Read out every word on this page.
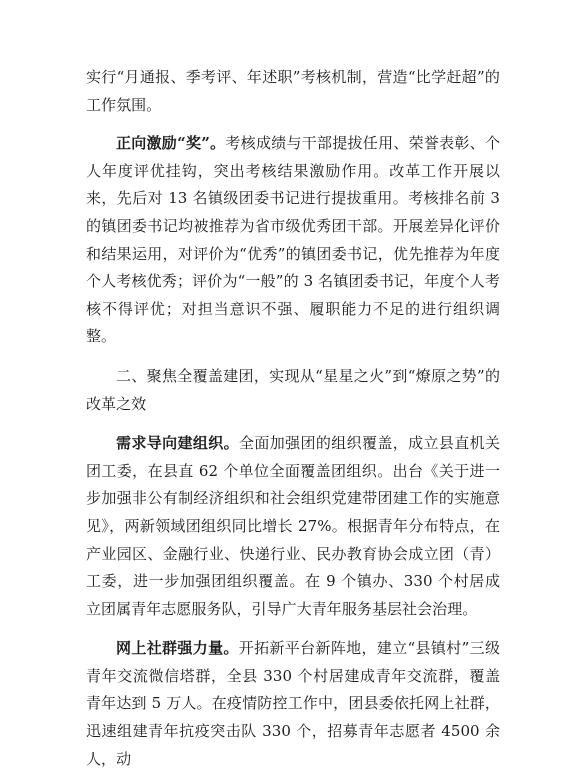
实行“月通报、季考评、年述职”考核机制，营造“比学赶超”的工作氛围。

正向激励“奖”。考核成绩与干部提拔任用、荣誉表彰、个人年度评优挂钩，突出考核结果激励作用。改革工作开展以来，先后对 13 名镇级团委书记进行提拔重用。考核排名前 3 的镇团委书记均被推荐为省市级优秀团干部。开展差异化评价和结果运用，对评价为“优秀”的镇团委书记，优先推荐为年度个人考核优秀；评价为“一般”的 3 名镇团委书记，年度个人考核不得评优；对担当意识不强、履职能力不足的进行组织调整。

二、聚焦全覆盖建团，实现从“星星之火”到“燎原之势”的改革之效

需求导向建组织。全面加强团的组织覆盖，成立县直机关团工委，在县直 62 个单位全面覆盖团组织。出台《关于进一步加强非公有制经济组织和社会组织党建带团建工作的实施意见》，两新领域团组织同比增长 27%。根据青年分布特点，在产业园区、金融行业、快递行业、民办教育协会成立团（青）工委，进一步加强团组织覆盖。在 9 个镇办、330 个村居成立团属青年志愿服务队，引导广大青年服务基层社会治理。

网上社群强力量。开拓新平台新阵地，建立“县镇村”三级青年交流微信塔群，全县 330 个村居建成青年交流群，覆盖青年达到 5 万人。在疫情防控工作中，团县委依托网上社群，迅速组建青年抗疫突击队 330 个，招募青年志愿者 4500 余人，动
